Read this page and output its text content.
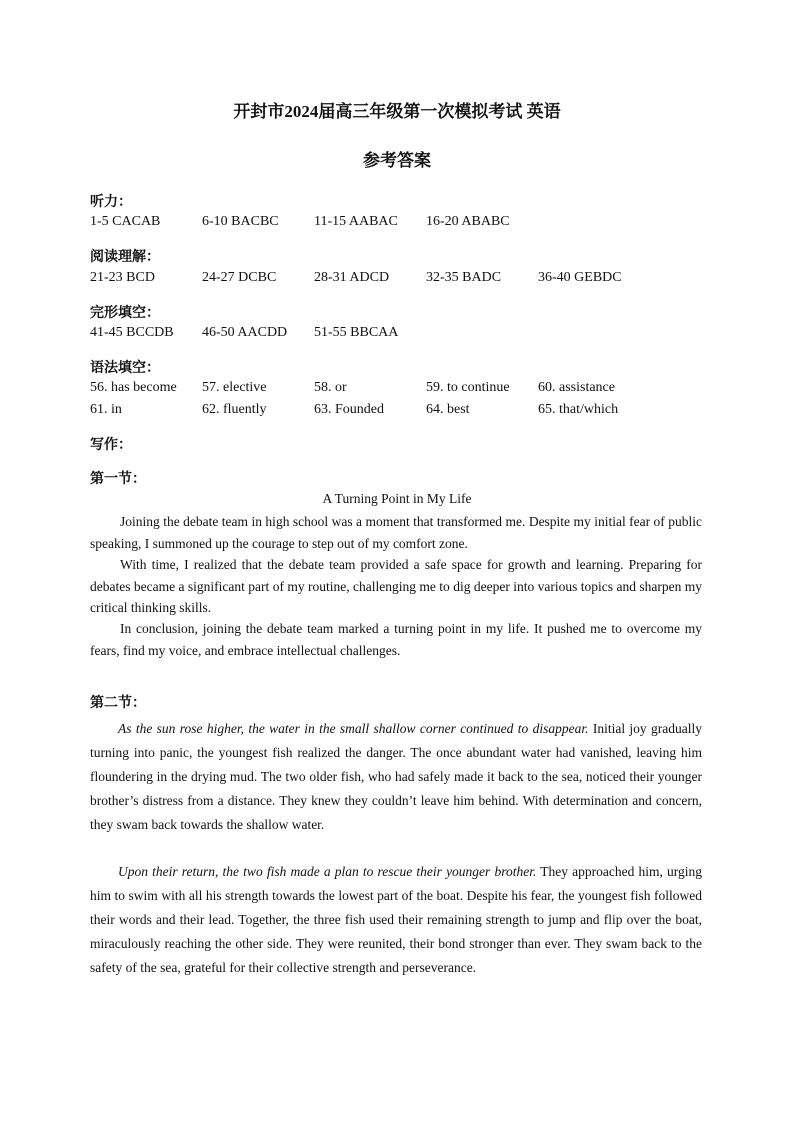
开封市2024届高三年级第一次模拟考试 英语
参考答案
听力：
1-5 CACAB	6-10 BACBC	11-15 AABAC 16-20 ABABC
阅读理解：
21-23 BCD	24-27 DCBC	28-31 ADCD	32-35 BADC	36-40 GEBDC
完形填空：
41-45 BCCDB 46-50 AACDD 51-55 BBCAA
语法填空：
56. has become 57. elective	58. or	59. to continue 60. assistance
61. in	62. fluently	63. Founded	64. best	65. that/which
写作：
第一节：
A Turning Point in My Life

Joining the debate team in high school was a moment that transformed me. Despite my initial fear of public speaking, I summoned up the courage to step out of my comfort zone.

With time, I realized that the debate team provided a safe space for growth and learning. Preparing for debates became a significant part of my routine, challenging me to dig deeper into various topics and sharpen my critical thinking skills.

In conclusion, joining the debate team marked a turning point in my life. It pushed me to overcome my fears, find my voice, and embrace intellectual challenges.

第二节：

As the sun rose higher, the water in the small shallow corner continued to disappear. Initial joy gradually turning into panic, the youngest fish realized the danger. The once abundant water had vanished, leaving him floundering in the drying mud. The two older fish, who had safely made it back to the sea, noticed their younger brother’s distress from a distance. They knew they couldn’t leave him behind. With determination and concern, they swam back towards the shallow water.

Upon their return, the two fish made a plan to rescue their younger brother. They approached him, urging him to swim with all his strength towards the lowest part of the boat. Despite his fear, the youngest fish followed their words and their lead. Together, the three fish used their remaining strength to jump and flip over the boat, miraculously reaching the other side. They were reunited, their bond stronger than ever. They swam back to the safety of the sea, grateful for their collective strength and perseverance.
